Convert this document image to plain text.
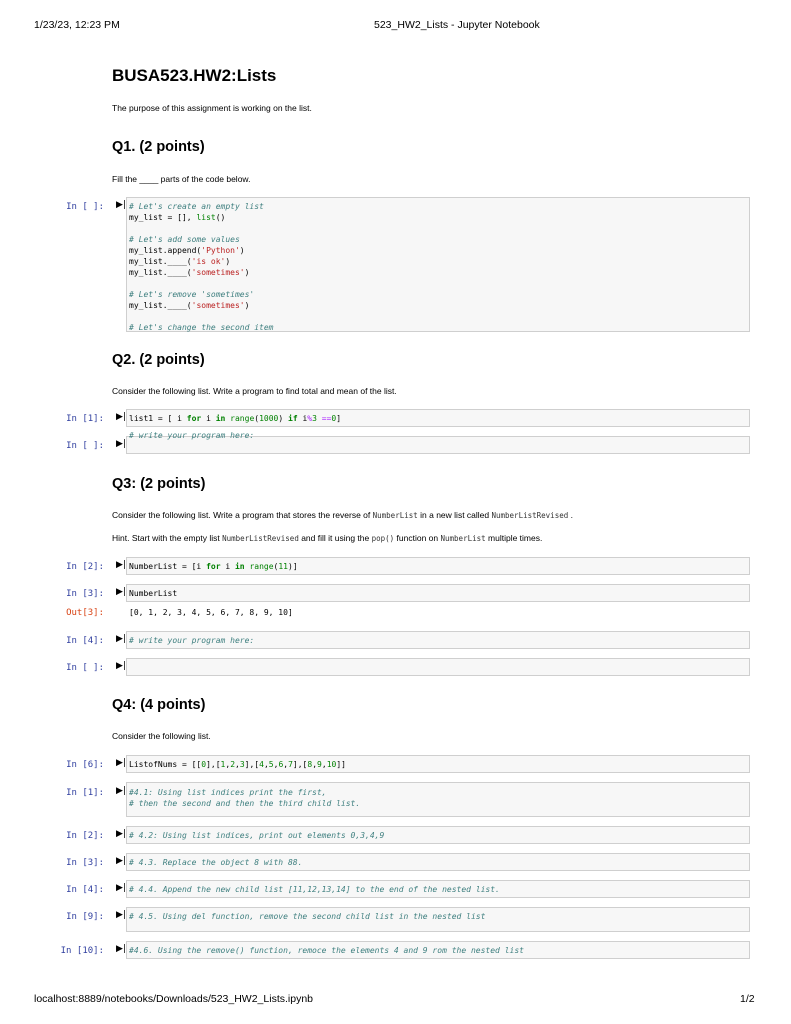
1/23/23, 12:23 PM	523_HW2_Lists - Jupyter Notebook
BUSA523.HW2:Lists
The purpose of this assignment is working on the list.
Q1. (2 points)
Fill the ____ parts of the code below.
In [ ]: ▶| # Let's create an empty list
my_list = [], list()

# Let's add some values
my_list.append('Python')
my_list.____('is ok')
my_list.____('sometimes')

# Let's remove 'sometimes'
my_list.____('sometimes')

# Let's change the second item
Q2. (2 points)
Consider the following list. Write a program to find total and mean of the list.
In [1]: ▶| list1 = [ i for i in range(1000) if i%3 ==0]
In [ ]: ▶|
# write your program here:
Q3: (2 points)
Consider the following list. Write a program that stores the reverse of NumberList in a new list called NumberListRevised .
Hint. Start with the empty list NumberListRevised and fill it using the pop() function on NumberList multiple times.
In [2]: ▶| NumberList = [i for i in range(11)]
In [3]: ▶| NumberList
Out[3]:	[0, 1, 2, 3, 4, 5, 6, 7, 8, 9, 10]
In [4]: ▶| # write your program here:
In [ ]: ▶|
Q4: (4 points)
Consider the following list.
In [6]: ▶| ListofNums = [[0],[1,2,3],[4,5,6,7],[8,9,10]]
In [1]: ▶| #4.1: Using list indices print the first,
# then the second and then the third child list.
In [2]: ▶| # 4.2: Using list indices, print out elements 0,3,4,9
In [3]: ▶| # 4.3. Replace the object 8 with 88.
In [4]: ▶| # 4.4. Append the new child list [11,12,13,14] to the end of the nested list.
In [9]: ▶| # 4.5. Using del function, remove the second child list in the nested list
In [10]: ▶| #4.6. Using the remove() function, remoce the elements 4 and 9 rom the nested list
localhost:8889/notebooks/Downloads/523_HW2_Lists.ipynb	1/2
